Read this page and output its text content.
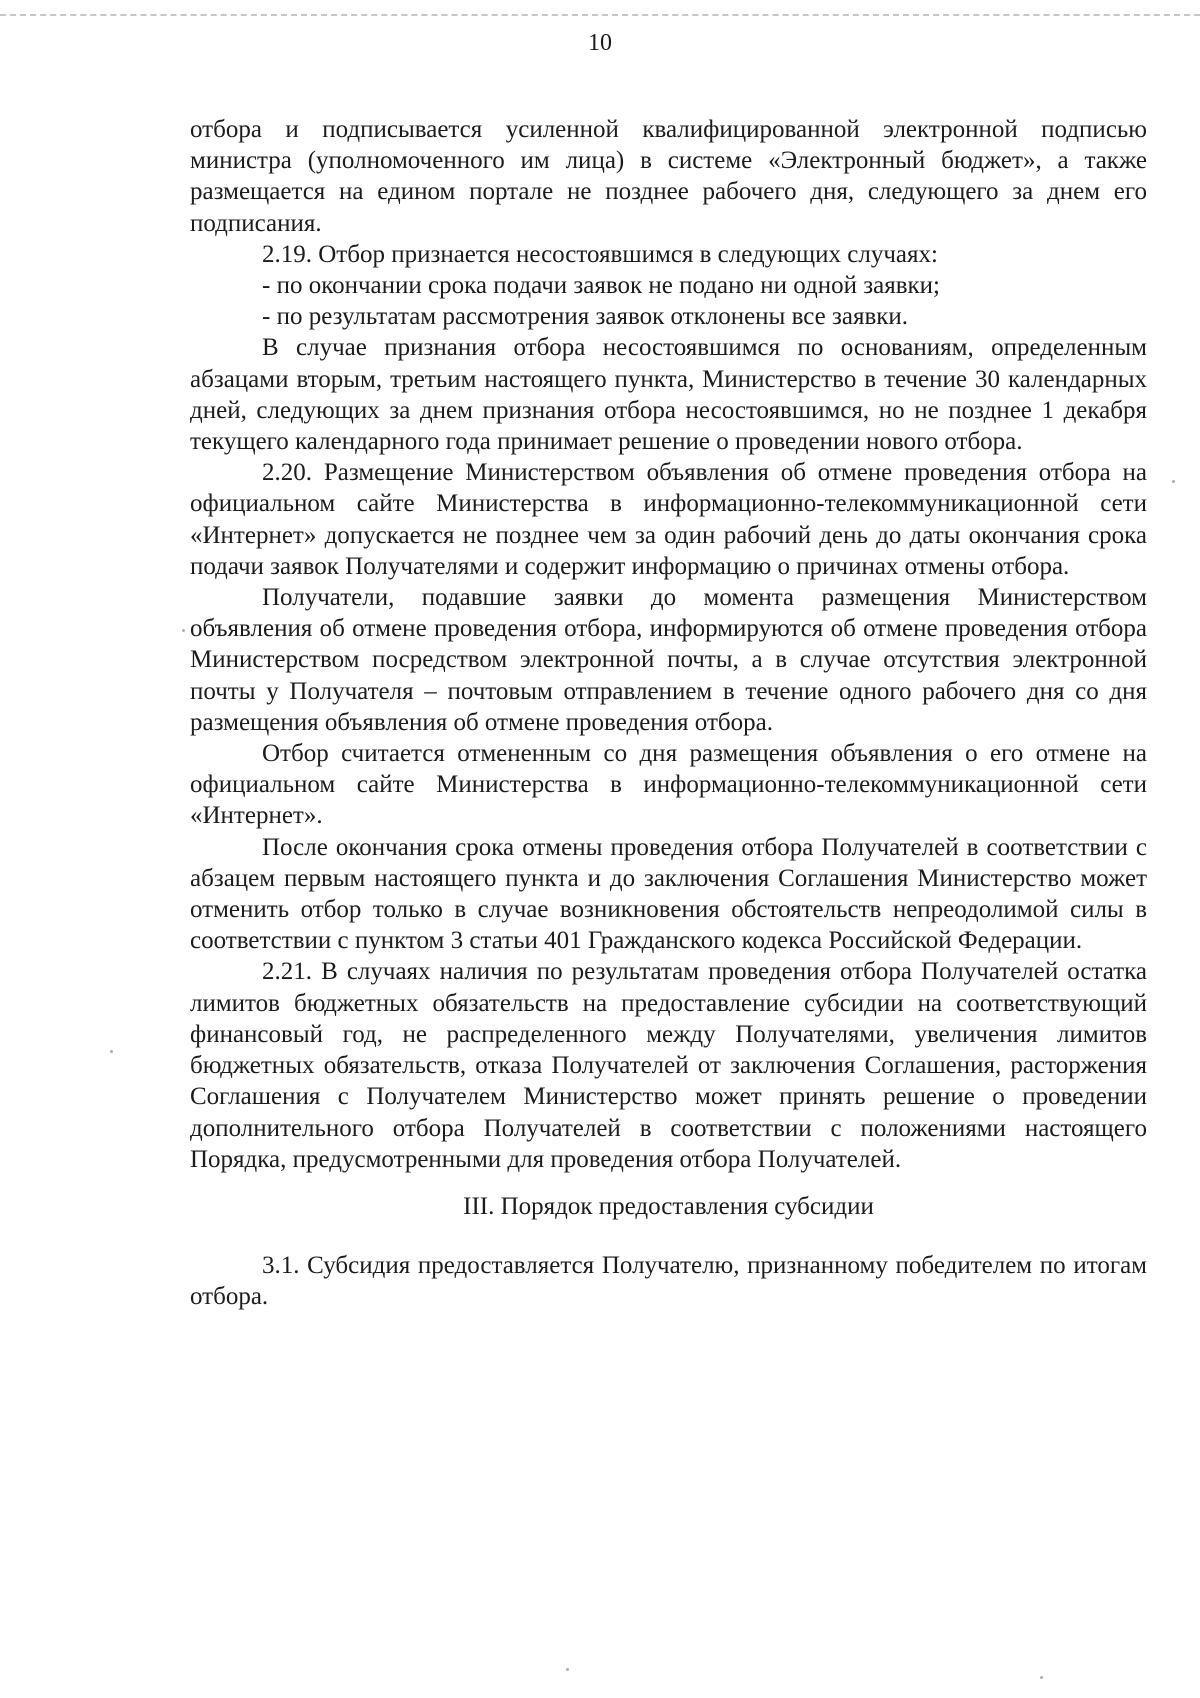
10

отбора и подписывается усиленной квалифицированной электронной подписью министра (уполномоченного им лица) в системе «Электронный бюджет», а также размещается на едином портале не позднее рабочего дня, следующего за днем его подписания.

2.19. Отбор признается несостоявшимся в следующих случаях:

- по окончании срока подачи заявок не подано ни одной заявки;

- по результатам рассмотрения заявок отклонены все заявки.

В случае признания отбора несостоявшимся по основаниям, определенным абзацами вторым, третьим настоящего пункта, Министерство в течение 30 календарных дней, следующих за днем признания отбора несостоявшимся, но не позднее 1 декабря текущего календарного года принимает решение о проведении нового отбора.

2.20. Размещение Министерством объявления об отмене проведения отбора на официальном сайте Министерства в информационно-телекоммуникационной сети «Интернет» допускается не позднее чем за один рабочий день до даты окончания срока подачи заявок Получателями и содержит информацию о причинах отмены отбора.

Получатели, подавшие заявки до момента размещения Министерством объявления об отмене проведения отбора, информируются об отмене проведения отбора Министерством посредством электронной почты, а в случае отсутствия электронной почты у Получателя – почтовым отправлением в течение одного рабочего дня со дня размещения объявления об отмене проведения отбора.

Отбор считается отмененным со дня размещения объявления о его отмене на официальном сайте Министерства в информационно-телекоммуникационной сети «Интернет».

После окончания срока отмены проведения отбора Получателей в соответствии с абзацем первым настоящего пункта и до заключения Соглашения Министерство может отменить отбор только в случае возникновения обстоятельств непреодолимой силы в соответствии с пунктом 3 статьи 401 Гражданского кодекса Российской Федерации.

2.21. В случаях наличия по результатам проведения отбора Получателей остатка лимитов бюджетных обязательств на предоставление субсидии на соответствующий финансовый год, не распределенного между Получателями, увеличения лимитов бюджетных обязательств, отказа Получателей от заключения Соглашения, расторжения Соглашения с Получателем Министерство может принять решение о проведении дополнительного отбора Получателей в соответствии с положениями настоящего Порядка, предусмотренными для проведения отбора Получателей.

III. Порядок предоставления субсидии

3.1. Субсидия предоставляется Получателю, признанному победителем по итогам отбора.
